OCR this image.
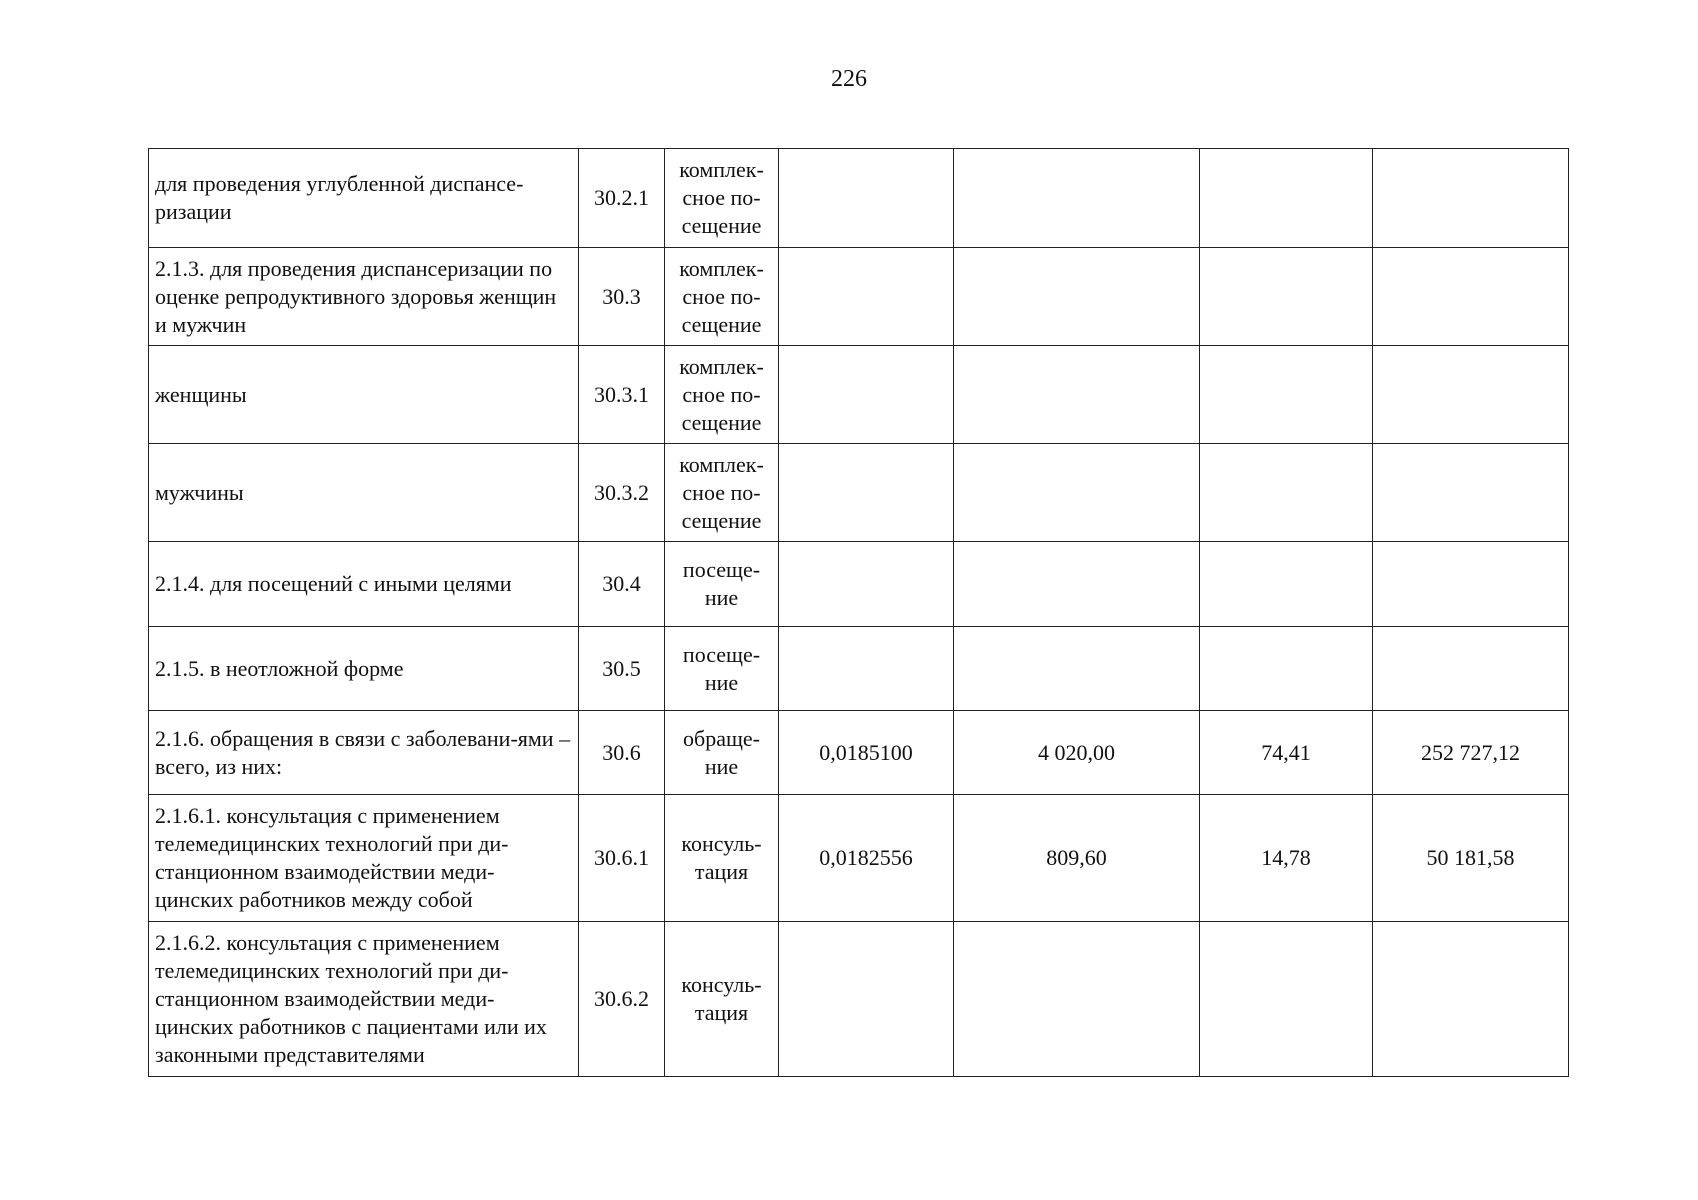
226
для проведения углубленной диспансе-ризации	30.2.1	комплек-сное по-сещение				
2.1.3. для проведения диспансеризации по оценке репродуктивного здоровья женщин и мужчин	30.3	комплек-сное по-сещение				
женщины	30.3.1	комплек-сное по-сещение				
мужчины	30.3.2	комплек-сное по-сещение				
2.1.4. для посещений с иными целями	30.4	посеще-ние				
2.1.5. в неотложной форме	30.5	посеще-ние				
2.1.6. обращения в связи с заболевани-ями – всего, из них:	30.6	обраще-ние	0,0185100	4 020,00	74,41	252 727,12
2.1.6.1. консультация с применением телемедицинских технологий при ди-станционном взаимодействии меди-цинских работников между собой	30.6.1	консуль-тация	0,0182556	809,60	14,78	50 181,58
2.1.6.2. консультация с применением телемедицинских технологий при ди-станционном взаимодействии меди-цинских работников с пациентами или их законными представителями	30.6.2	консуль-тация				
